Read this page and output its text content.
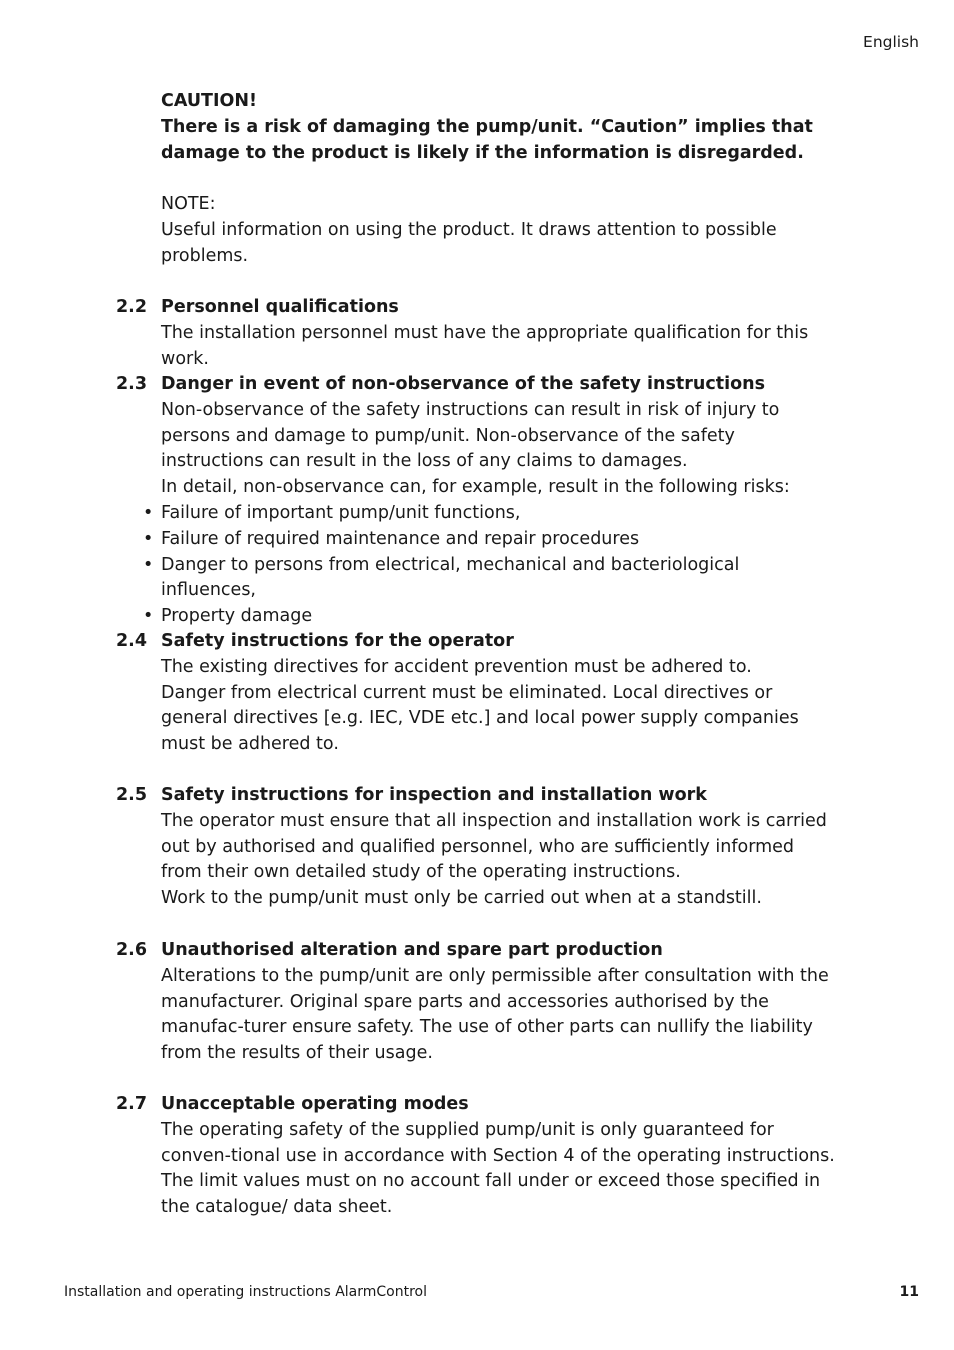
English
CAUTION!
There is a risk of damaging the pump/unit. “Caution” implies that damage to the product is likely if the information is disregarded.
NOTE:
Useful information on using the product. It draws attention to possible problems.
2.2 Personnel qualifications

The installation personnel must have the appropriate qualification for this work.

2.3 Danger in event of non-observance of the safety instructions

Non-observance of the safety instructions can result in risk of injury to persons and damage to pump/unit. Non-observance of the safety instructions can result in the loss of any claims to damages.

In detail, non-observance can, for example, result in the following risks:

• Failure of important pump/unit functions,
• Failure of required maintenance and repair procedures
• Danger to persons from electrical, mechanical and bacteriological influences,
• Property damage
2.4 Safety instructions for the operator

The existing directives for accident prevention must be adhered to.

Danger from electrical current must be eliminated. Local directives or general directives [e.g. IEC, VDE etc.] and local power supply companies must be adhered to.

2.5 Safety instructions for inspection and installation work

The operator must ensure that all inspection and installation work is carried out by authorised and qualified personnel, who are sufficiently informed from their own detailed study of the operating instructions.

Work to the pump/unit must only be carried out when at a standstill.

2.6 Unauthorised alteration and spare part production

Alterations to the pump/unit are only permissible after consultation with the manufacturer. Original spare parts and accessories authorised by the manufac-turer ensure safety. The use of other parts can nullify the liability from the results of their usage.

2.7 Unacceptable operating modes

The operating safety of the supplied pump/unit is only guaranteed for conven-tional use in accordance with Section 4 of the operating instructions. The limit values must on no account fall under or exceed those specified in the catalogue/ data sheet.

Installation and operating instructions AlarmControl	11
